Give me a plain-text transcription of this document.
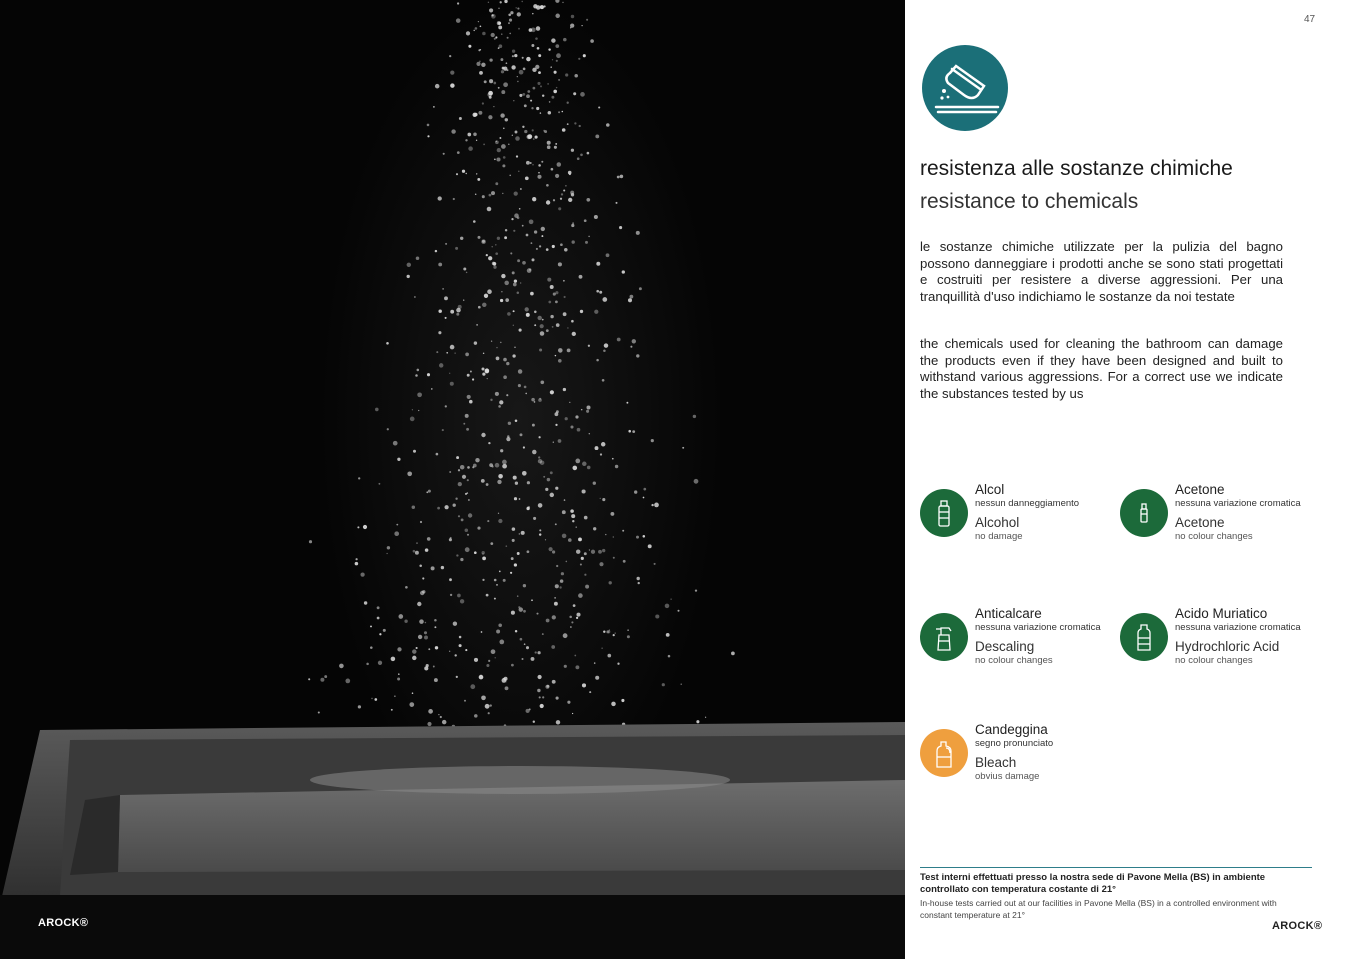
AROCK®
47
resistenza alle sostanze chimiche
resistance to chemicals
le sostanze chimiche utilizzate per la pulizia del bagno possono danneggiare i prodotti anche se sono stati progettati e costruiti per resistere a diverse aggressioni. Per una tranquillità d'uso indichiamo le sostanze da noi testate
the chemicals used for cleaning the bathroom can damage the products even if they have been designed and built to withstand various aggressions. For a correct use we indicate the substances tested by us
Alcol
nessun danneggiamento
Alcohol
no damage
Acetone
nessuna variazione cromatica
Acetone
no colour changes
Anticalcare
nessuna variazione cromatica
Descaling
no colour changes
Acido Muriatico
nessuna variazione cromatica
Hydrochloric Acid
no colour changes
Candeggina
segno pronunciato
Bleach
obvius damage
Test interni effettuati presso la nostra sede di Pavone Mella (BS) in ambiente controllato con temperatura costante di 21°
In-house tests carried out at our facilities in Pavone Mella (BS) in a controlled environment with constant temperature at 21°
AROCK®
